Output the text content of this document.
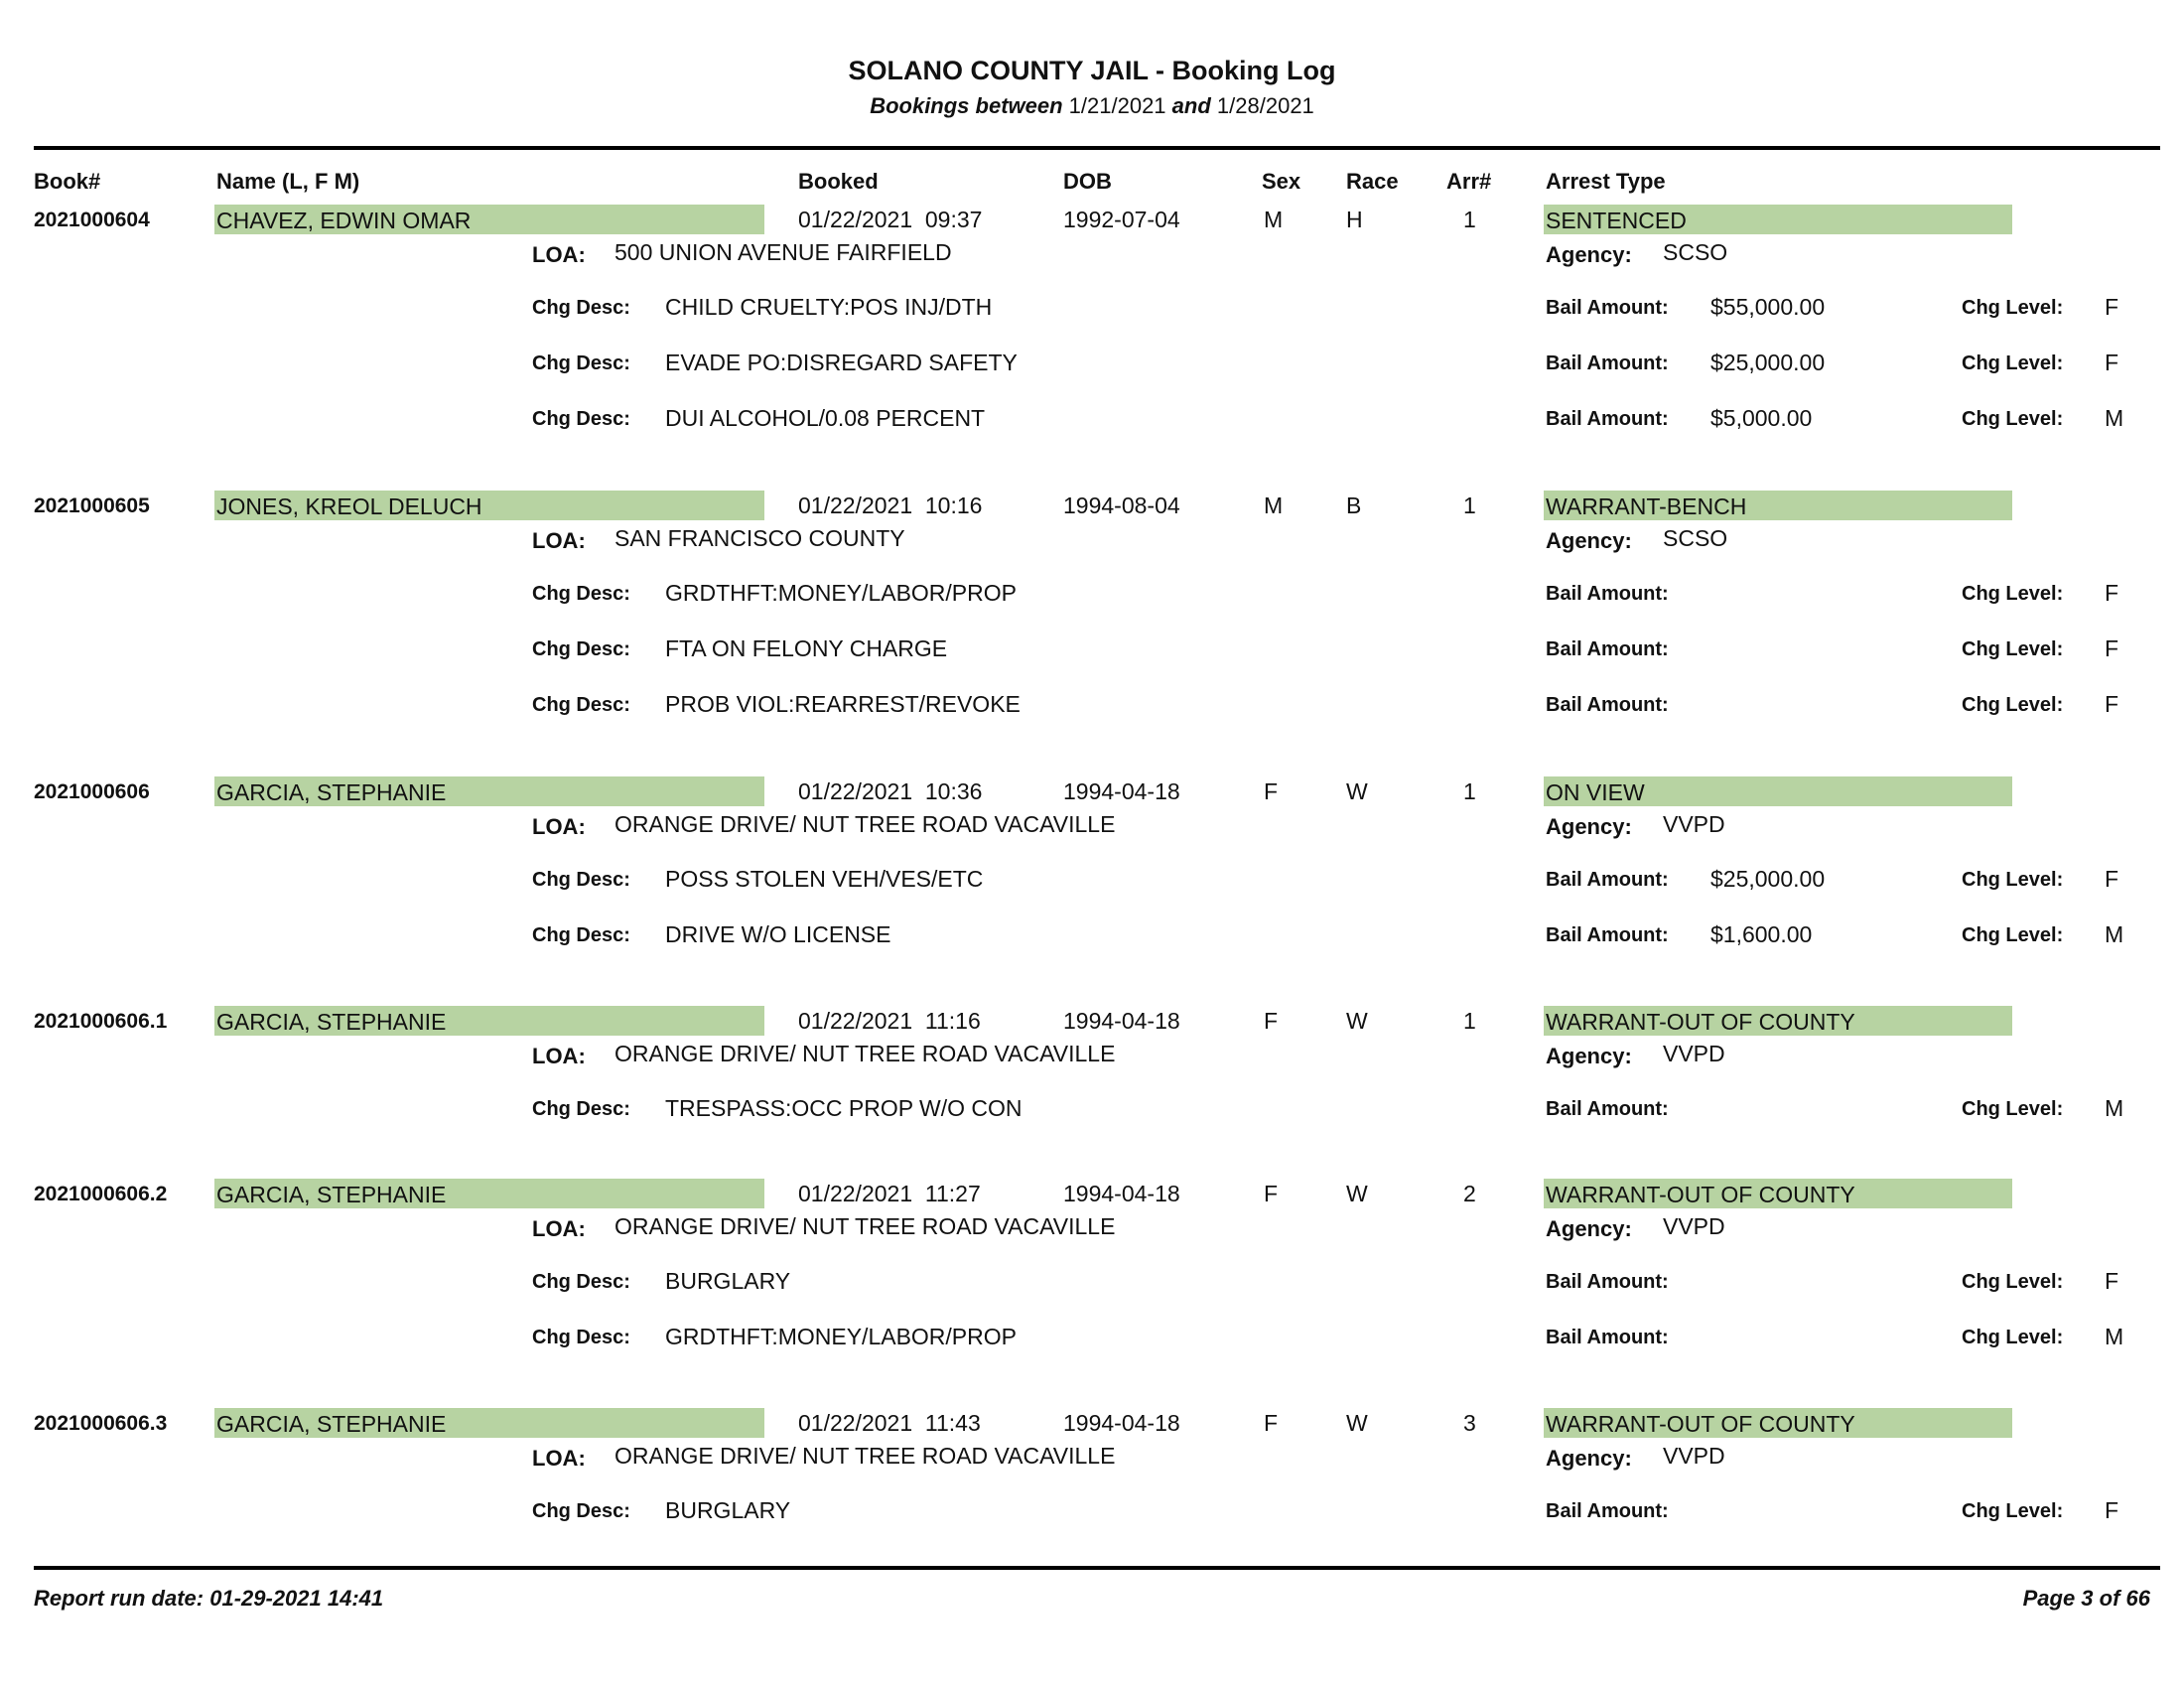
SOLANO COUNTY JAIL - Booking Log
Bookings between 1/21/2021 and 1/28/2021
Book#	Name (L, F M)	Booked	DOB	Sex Race Arr# Arrest Type
2021000604	CHAVEZ, EDWIN OMAR	01/22/2021  09:37	1992-07-04	M	H	1	SENTENCED
LOA: 500 UNION AVENUE FAIRFIELD	Agency: SCSO
Chg Desc: CHILD CRUELTY:POS INJ/DTH	Bail Amount: $55,000.00	Chg Level: F
Chg Desc: EVADE PO:DISREGARD SAFETY	Bail Amount: $25,000.00	Chg Level: F
Chg Desc: DUI ALCOHOL/0.08 PERCENT	Bail Amount: $5,000.00	Chg Level: M
2021000605	JONES, KREOL DELUCH	01/22/2021  10:16	1994-08-04	M	B	1	WARRANT-BENCH
LOA: SAN FRANCISCO COUNTY	Agency: SCSO
Chg Desc: GRDTHFT:MONEY/LABOR/PROP	Bail Amount:	Chg Level: F
Chg Desc: FTA ON FELONY CHARGE	Bail Amount:	Chg Level: F
Chg Desc: PROB VIOL:REARREST/REVOKE	Bail Amount:	Chg Level: F
2021000606	GARCIA, STEPHANIE	01/22/2021  10:36	1994-04-18	F	W	1	ON VIEW
LOA: ORANGE DRIVE/ NUT TREE ROAD VACAVILLE	Agency: VVPD
Chg Desc: POSS STOLEN VEH/VES/ETC	Bail Amount: $25,000.00	Chg Level: F
Chg Desc: DRIVE W/O LICENSE	Bail Amount: $1,600.00	Chg Level: M
2021000606.1 GARCIA, STEPHANIE	01/22/2021  11:16	1994-04-18	F	W	1	WARRANT-OUT OF COUNTY
LOA: ORANGE DRIVE/ NUT TREE ROAD VACAVILLE	Agency: VVPD
Chg Desc: TRESPASS:OCC PROP W/O CON	Bail Amount:	Chg Level: M
2021000606.2 GARCIA, STEPHANIE	01/22/2021  11:27	1994-04-18	F	W	2	WARRANT-OUT OF COUNTY
LOA: ORANGE DRIVE/ NUT TREE ROAD VACAVILLE	Agency: VVPD
Chg Desc: BURGLARY	Bail Amount:	Chg Level: F
Chg Desc: GRDTHFT:MONEY/LABOR/PROP	Bail Amount:	Chg Level: M
2021000606.3 GARCIA, STEPHANIE	01/22/2021  11:43	1994-04-18	F	W	3	WARRANT-OUT OF COUNTY
LOA: ORANGE DRIVE/ NUT TREE ROAD VACAVILLE	Agency: VVPD
Chg Desc: BURGLARY	Bail Amount:	Chg Level: F
Report run date: 01-29-2021 14:41	Page 3 of 66
